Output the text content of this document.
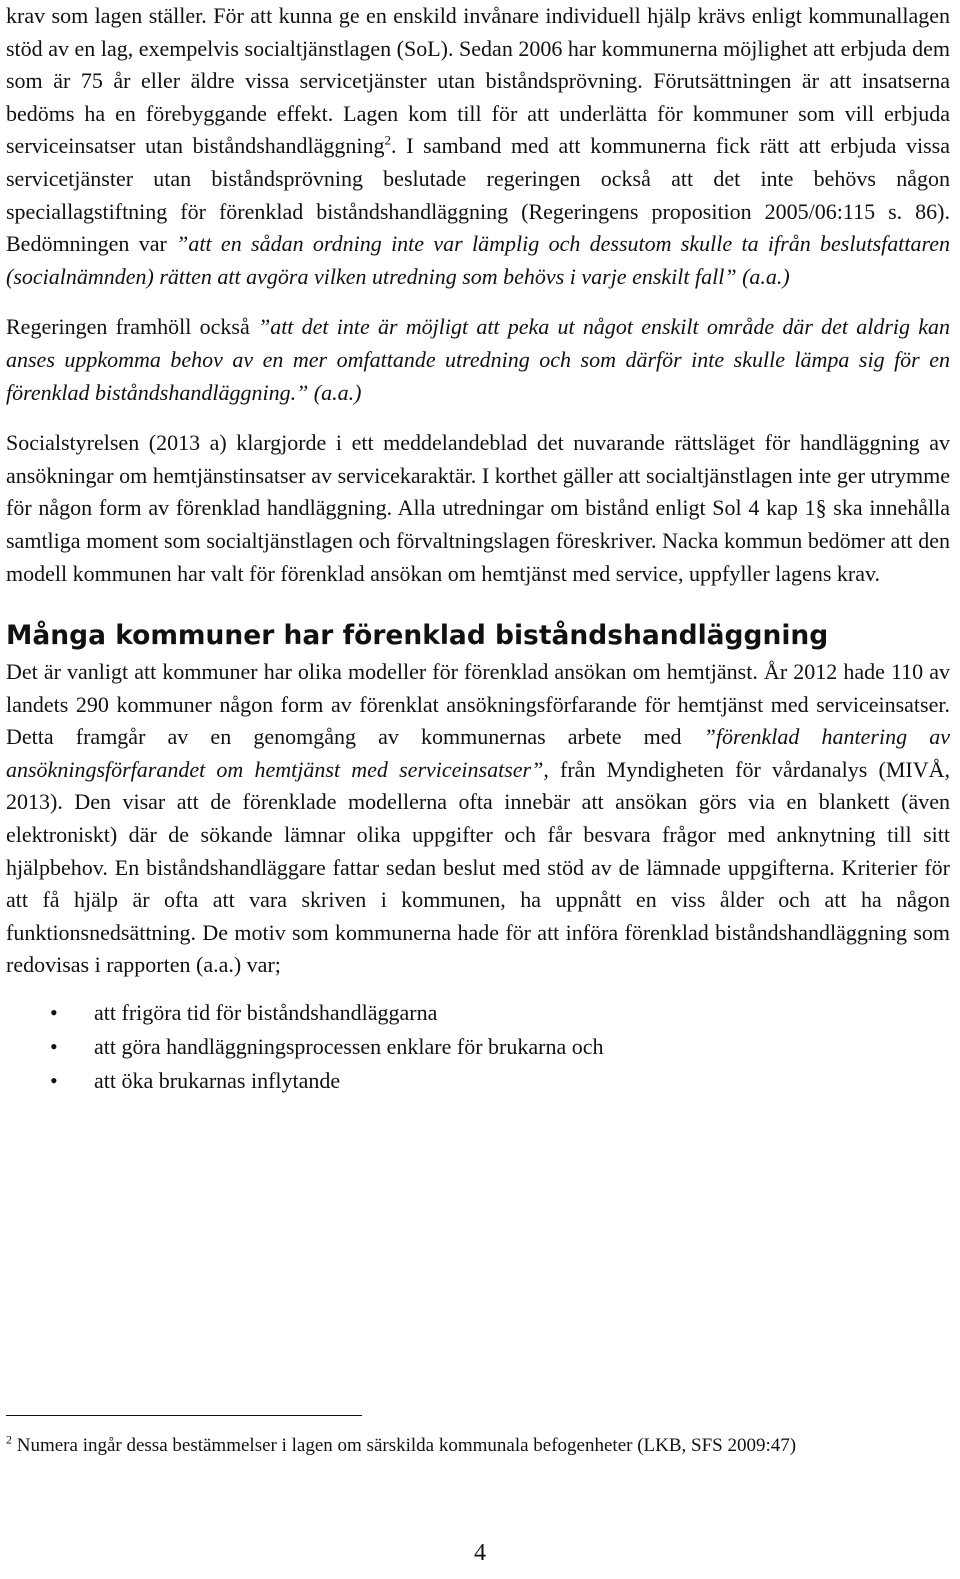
krav som lagen ställer. För att kunna ge en enskild invånare individuell hjälp krävs enligt kommunallagen stöd av en lag, exempelvis socialtjänstlagen (SoL). Sedan 2006 har kommunerna möjlighet att erbjuda dem som är 75 år eller äldre vissa servicetjänster utan biståndsprövning. Förutsättningen är att insatserna bedöms ha en förebyggande effekt. Lagen kom till för att underlätta för kommuner som vill erbjuda serviceinsatser utan biståndshandläggning$^2$. I samband med att kommunerna fick rätt att erbjuda vissa servicetjänster utan biståndsprövning beslutade regeringen också att det inte behövs någon speciallagstiftning för förenklad biståndshandläggning (Regeringens proposition 2005/06:115 s. 86). Bedömningen var ”att en sådan ordning inte var lämplig och dessutom skulle ta ifrån beslutsfattaren (socialnämnden) rätten att avgöra vilken utredning som behövs i varje enskilt fall” (a.a.)

Regeringen framhöll också ”att det inte är möjligt att peka ut något enskilt område där det aldrig kan anses uppkomma behov av en mer omfattande utredning och som därför inte skulle lämpa sig för en förenklad biståndshandläggning.” (a.a.)

Socialstyrelsen (2013 a) klargjorde i ett meddelandeblad det nuvarande rättsläget för handläggning av ansökningar om hemtjänstinsatser av servicekaraktär. I korthet gäller att socialtjänstlagen inte ger utrymme för någon form av förenklad handläggning. Alla utredningar om bistånd enligt Sol 4 kap 1§ ska innehålla samtliga moment som socialtjänstlagen och förvaltningslagen föreskriver. Nacka kommun bedömer att den modell kommunen har valt för förenklad ansökan om hemtjänst med service, uppfyller lagens krav.

Många kommuner har förenklad biståndshandläggning

Det är vanligt att kommuner har olika modeller för förenklad ansökan om hemtjänst. År 2012 hade 110 av landets 290 kommuner någon form av förenklat ansökningsförfarande för hemtjänst med serviceinsatser. Detta framgår av en genomgång av kommunernas arbete med ”förenklad hantering av ansökningsförfarandet om hemtjänst med serviceinsatser”, från Myndigheten för vårdanalys (MIVÅ, 2013). Den visar att de förenklade modellerna ofta innebär att ansökan görs via en blankett (även elektroniskt) där de sökande lämnar olika uppgifter och får besvara frågor med anknytning till sitt hjälpbehov. En biståndshandläggare fattar sedan beslut med stöd av de lämnade uppgifterna. Kriterier för att få hjälp är ofta att vara skriven i kommunen, ha uppnått en viss ålder och att ha någon funktionsnedsättning. De motiv som kommunerna hade för att införa förenklad biståndshandläggning som redovisas i rapporten (a.a.) var;

• att frigöra tid för biståndshandläggarna
• att göra handläggningsprocessen enklare för brukarna och
• att öka brukarnas inflytande
$^2$ Numera ingår dessa bestämmelser i lagen om särskilda kommunala befogenheter (LKB, SFS 2009:47)
4
